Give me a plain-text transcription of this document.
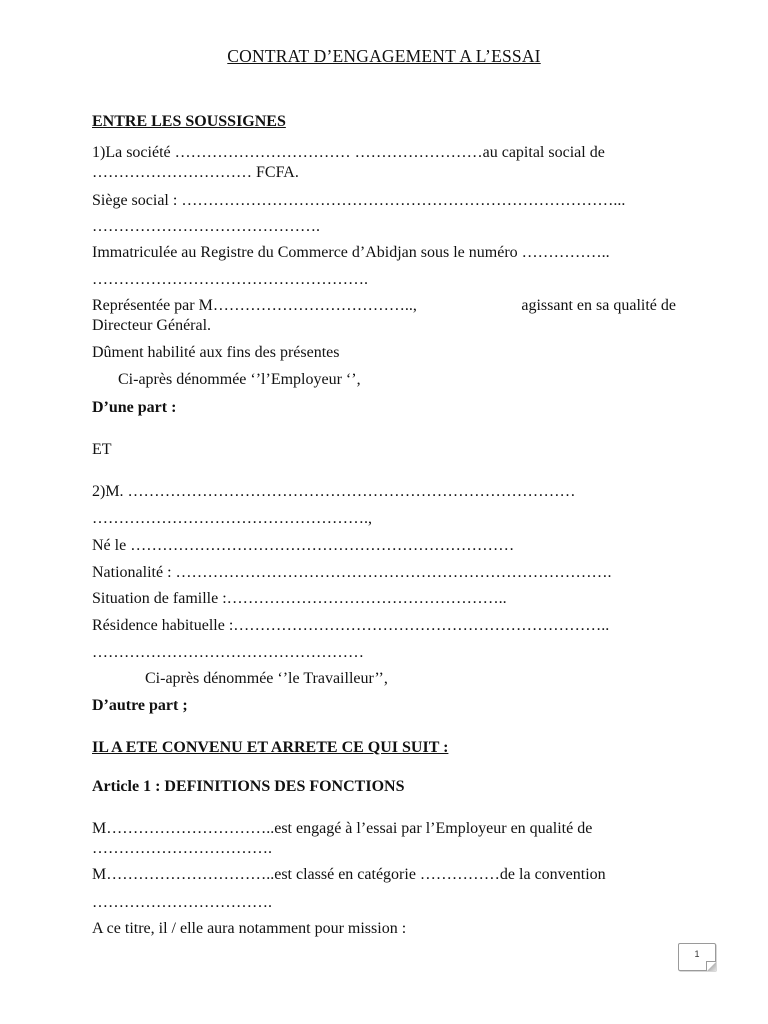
CONTRAT D’ENGAGEMENT A L’ESSAI
ENTRE LES SOUSSIGNES
1)La société …………………………… ……………………au capital social de
………………………… FCFA.
Siège social : ………………………………………………………………………...
…………………………………….
Immatriculée au Registre du Commerce d’Abidjan sous le numéro ……………..
…………………………………………….
Représentée par M………………………………..,	agissant en sa qualité de
Directeur Général.
Dûment habilité aux fins des présentes
Ci-après dénommée ‘’l’Employeur ‘’,
D’une part :
ET
2)M. …………………………………………………………………………
…………………………………………….,
Né le ………………………………………………………………
Nationalité : ……………………………………………………………………….
Situation de famille :……………………………………………..
Résidence habituelle :……………………………………………………………..
……………………………………………
Ci-après dénommée ‘’le Travailleur’’,
D’autre part ;
IL A ETE CONVENU ET ARRETE CE QUI SUIT :
Article 1 : DEFINITIONS DES FONCTIONS
M…………………………..est engagé à l’essai par l’Employeur en qualité de
…………………………….
M…………………………..est classé en catégorie ……………de la convention
…………………………….
A ce titre, il / elle aura notamment pour mission :
1
